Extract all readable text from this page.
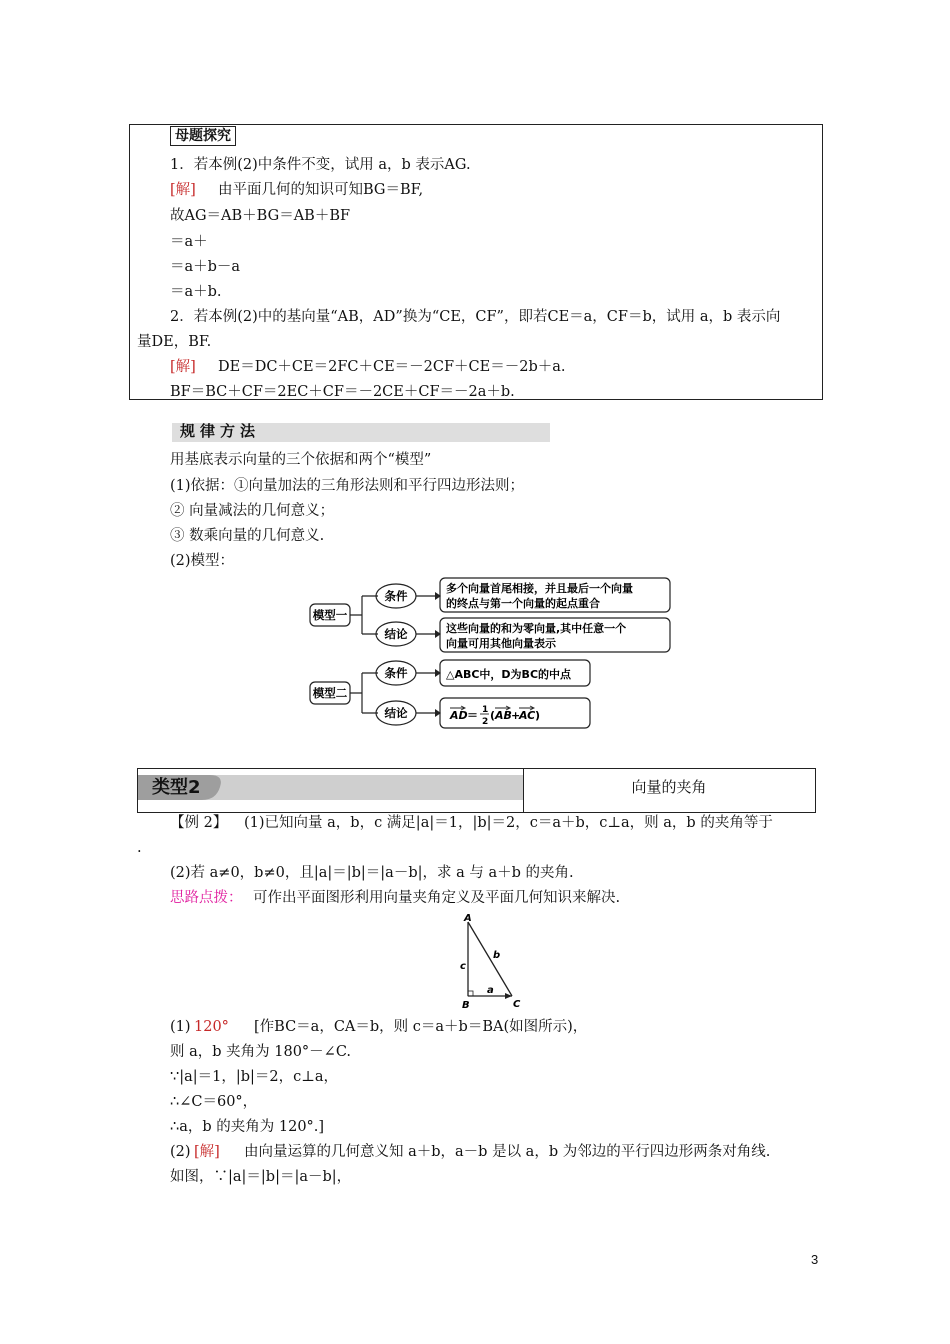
母题探究
1．若本例(2)中条件不变，试用 a，b 表示AG.
[解] 由平面几何的知识可知BG＝BF,
故AG＝AB＋BG＝AB＋BF
＝a＋
＝a＋b－a
＝a＋b.
2．若本例(2)中的基向量“AB，AD”换为“CE，CF”，即若CE＝a，CF＝b，试用 a，b 表示向
量DE，BF.
[解] DE＝DC＋CE＝2FC＋CE＝－2CF＋CE＝－2b＋a.
BF＝BC＋CF＝2EC＋CF＝－2CE＋CF＝－2a＋b.
规律方法
用基底表示向量的三个依据和两个“模型”
(1)依据：①向量加法的三角形法则和平行四边形法则；
② 向量减法的几何意义；
③ 数乘向量的几何意义.
(2)模型：
模型一
模型二
条件
结论
条件
结论
多个向量首尾相接，并且最后一个向量
的终点与第一个向量的起点重合
这些向量的和为零向量,其中任意一个
向量可用其他向量表示
△ABC中，D为BC的中点
AD ＝ 1
2 ( AB +
AC )
类型2	向量的夹角
【例 2】 (1)已知向量 a，b，c 满足|a|＝1，|b|＝2，c＝a＋b，c⊥a，则 a，b 的夹角等于
.
(2)若 a≠0，b≠0，且|a|＝|b|＝|a－b|，求 a 与 a＋b 的夹角.
思路点拨： 可作出平面图形利用向量夹角定义及平面几何知识来解决.
A
B	C
a
b
c
(1) 120° [作BC＝a，CA＝b，则 c＝a＋b＝BA(如图所示)，
则 a，b 夹角为 180°－∠C.
∵|a|＝1，|b|＝2，c⊥a，
∴∠C＝60°，
∴a，b 的夹角为 120°.]
(2) [解] 由向量运算的几何意义知 a＋b，a－b 是以 a，b 为邻边的平行四边形两条对角线.
如图，∵|a|＝|b|＝|a－b|，
3
